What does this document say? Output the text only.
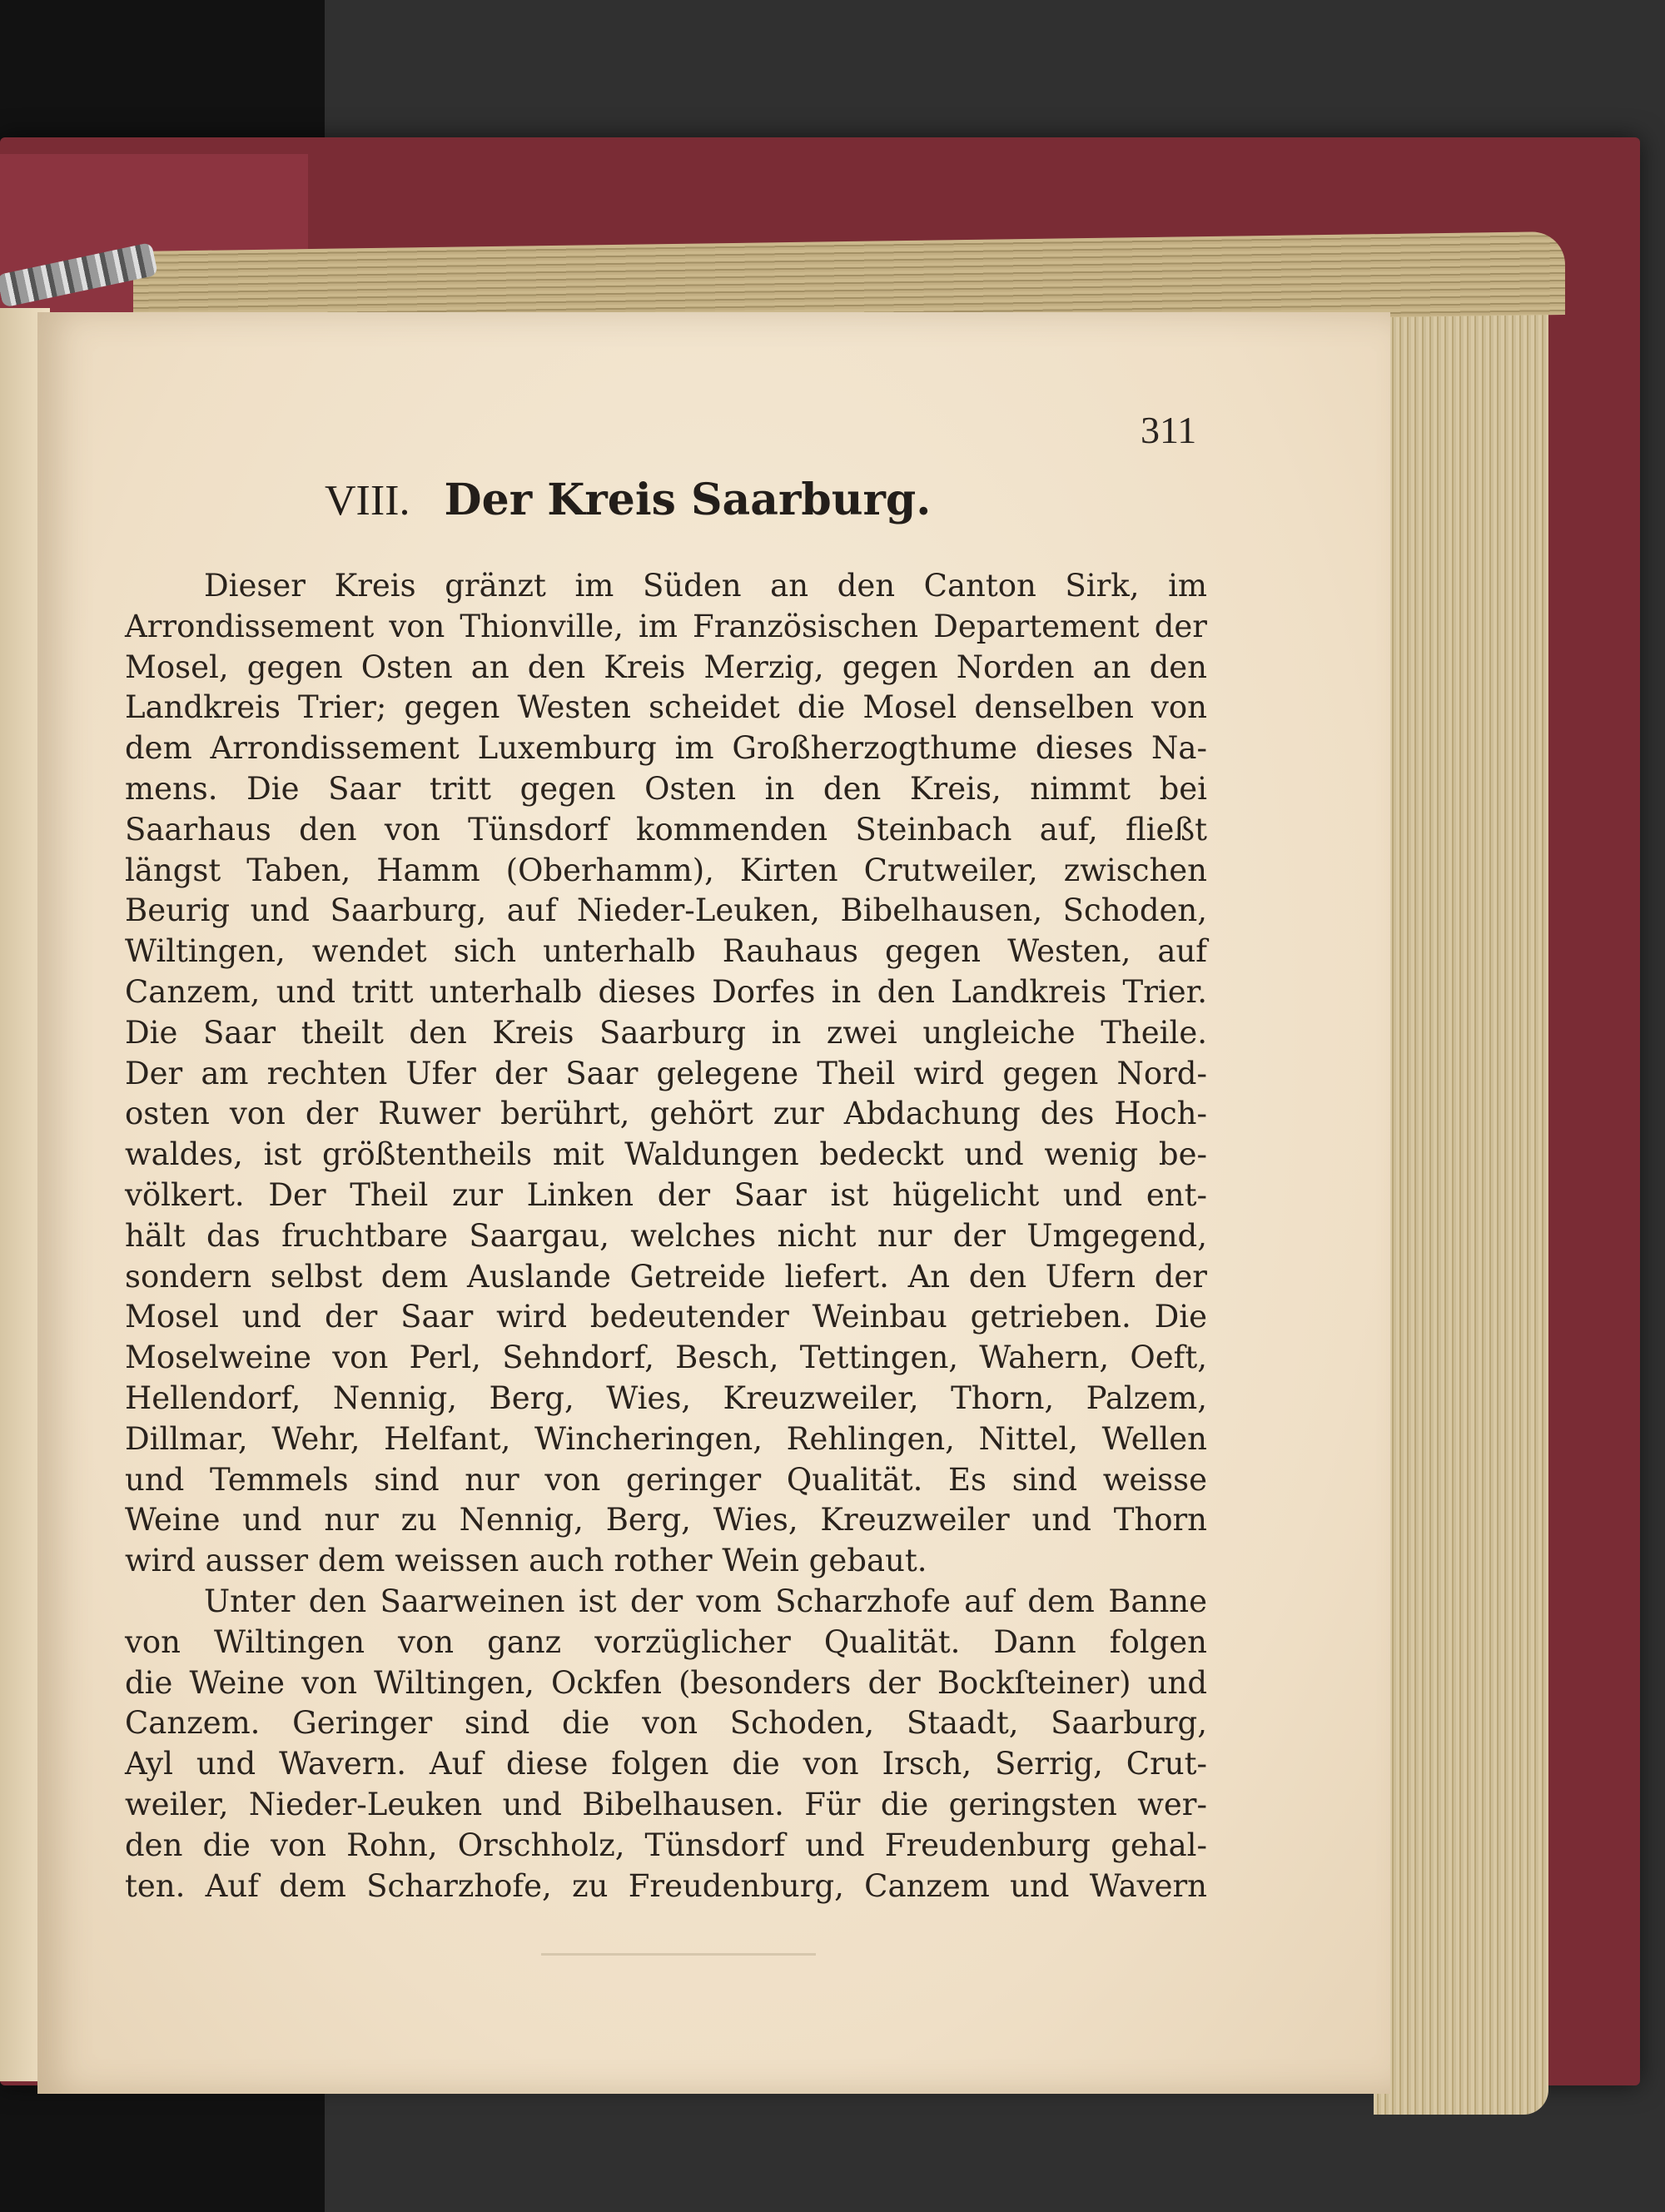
311
VIII. Der Kreis Saarburg.
Dieser Kreis gränzt im Süden an den Canton Sirk, im
Arrondissement von Thionville, im Französischen Departement der
Mosel, gegen Osten an den Kreis Merzig, gegen Norden an den
Landkreis Trier; gegen Westen scheidet die Mosel denselben von
dem Arrondissement Luxemburg im Großherzogthume dieses Na-
mens. Die Saar tritt gegen Osten in den Kreis, nimmt bei
Saarhaus den von Tünsdorf kommenden Steinbach auf, fließt
längst Taben, Hamm (Oberhamm), Kirten Crutweiler, zwischen
Beurig und Saarburg, auf Nieder-Leuken, Bibelhausen, Schoden,
Wiltingen, wendet sich unterhalb Rauhaus gegen Westen, auf
Canzem, und tritt unterhalb dieses Dorfes in den Landkreis Trier.
Die Saar theilt den Kreis Saarburg in zwei ungleiche Theile.
Der am rechten Ufer der Saar gelegene Theil wird gegen Nord-
osten von der Ruwer berührt, gehört zur Abdachung des Hoch-
waldes, ist größtentheils mit Waldungen bedeckt und wenig be-
völkert. Der Theil zur Linken der Saar ist hügelicht und ent-
hält das fruchtbare Saargau, welches nicht nur der Umgegend,
sondern selbst dem Auslande Getreide liefert. An den Ufern der
Mosel und der Saar wird bedeutender Weinbau getrieben. Die
Moselweine von Perl, Sehndorf, Besch, Tettingen, Wahern, Oeft,
Hellendorf, Nennig, Berg, Wies, Kreuzweiler, Thorn, Palzem,
Dillmar, Wehr, Helfant, Wincheringen, Rehlingen, Nittel, Wellen
und Temmels sind nur von geringer Qualität. Es sind weisse
Weine und nur zu Nennig, Berg, Wies, Kreuzweiler und Thorn
wird ausser dem weissen auch rother Wein gebaut.
Unter den Saarweinen ist der vom Scharzhofe auf dem Banne
von Wiltingen von ganz vorzüglicher Qualität. Dann folgen
die Weine von Wiltingen, Ockfen (besonders der Bockſteiner) und
Canzem. Geringer sind die von Schoden, Staadt, Saarburg,
Ayl und Wavern. Auf diese folgen die von Irsch, Serrig, Crut-
weiler, Nieder-Leuken und Bibelhausen. Für die geringsten wer-
den die von Rohn, Orschholz, Tünsdorf und Freudenburg gehal-
ten. Auf dem Scharzhofe, zu Freudenburg, Canzem und Wavern
